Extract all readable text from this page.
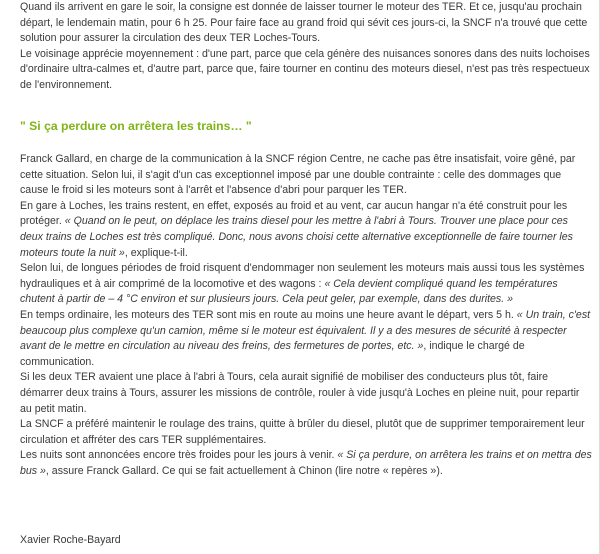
Quand ils arrivent en gare le soir, la consigne est donnée de laisser tourner le moteur des TER. Et ce, jusqu'au prochain départ, le lendemain matin, pour 6 h 25. Pour faire face au grand froid qui sévit ces jours-ci, la SNCF n'a trouvé que cette solution pour assurer la circulation des deux TER Loches-Tours.

Le voisinage apprécie moyennement : d'une part, parce que cela génère des nuisances sonores dans des nuits lochoises d'ordinaire ultra-calmes et, d'autre part, parce que, faire tourner en continu des moteurs diesel, n'est pas très respectueux de l'environnement.

" Si ça perdure on arrêtera les trains… "

Franck Gallard, en charge de la communication à la SNCF région Centre, ne cache pas être insatisfait, voire gêné, par cette situation. Selon lui, il s'agit d'un cas exceptionnel imposé par une double contrainte : celle des dommages que cause le froid si les moteurs sont à l'arrêt et l'absence d'abri pour parquer les TER.

En gare à Loches, les trains restent, en effet, exposés au froid et au vent, car aucun hangar n'a été construit pour les protéger. « Quand on le peut, on déplace les trains diesel pour les mettre à l'abri à Tours. Trouver une place pour ces deux trains de Loches est très compliqué. Donc, nous avons choisi cette alternative exceptionnelle de faire tourner les moteurs toute la nuit », explique-t-il.

Selon lui, de longues périodes de froid risquent d'endommager non seulement les moteurs mais aussi tous les systèmes hydrauliques et à air comprimé de la locomotive et des wagons : « Cela devient compliqué quand les températures chutent à partir de – 4 °C environ et sur plusieurs jours. Cela peut geler, par exemple, dans des durites. »

En temps ordinaire, les moteurs des TER sont mis en route au moins une heure avant le départ, vers 5 h. « Un train, c'est beaucoup plus complexe qu'un camion, même si le moteur est équivalent. Il y a des mesures de sécurité à respecter avant de le mettre en circulation au niveau des freins, des fermetures de portes, etc. », indique le chargé de communication.

Si les deux TER avaient une place à l'abri à Tours, cela aurait signifié de mobiliser des conducteurs plus tôt, faire démarrer deux trains à Tours, assurer les missions de contrôle, rouler à vide jusqu'à Loches en pleine nuit, pour repartir au petit matin.

La SNCF a préféré maintenir le roulage des trains, quitte à brûler du diesel, plutôt que de supprimer temporairement leur circulation et affréter des cars TER supplémentaires.

Les nuits sont annoncées encore très froides pour les jours à venir. « Si ça perdure, on arrêtera les trains et on mettra des bus », assure Franck Gallard. Ce qui se fait actuellement à Chinon (lire notre « repères »).

Xavier Roche-Bayard
